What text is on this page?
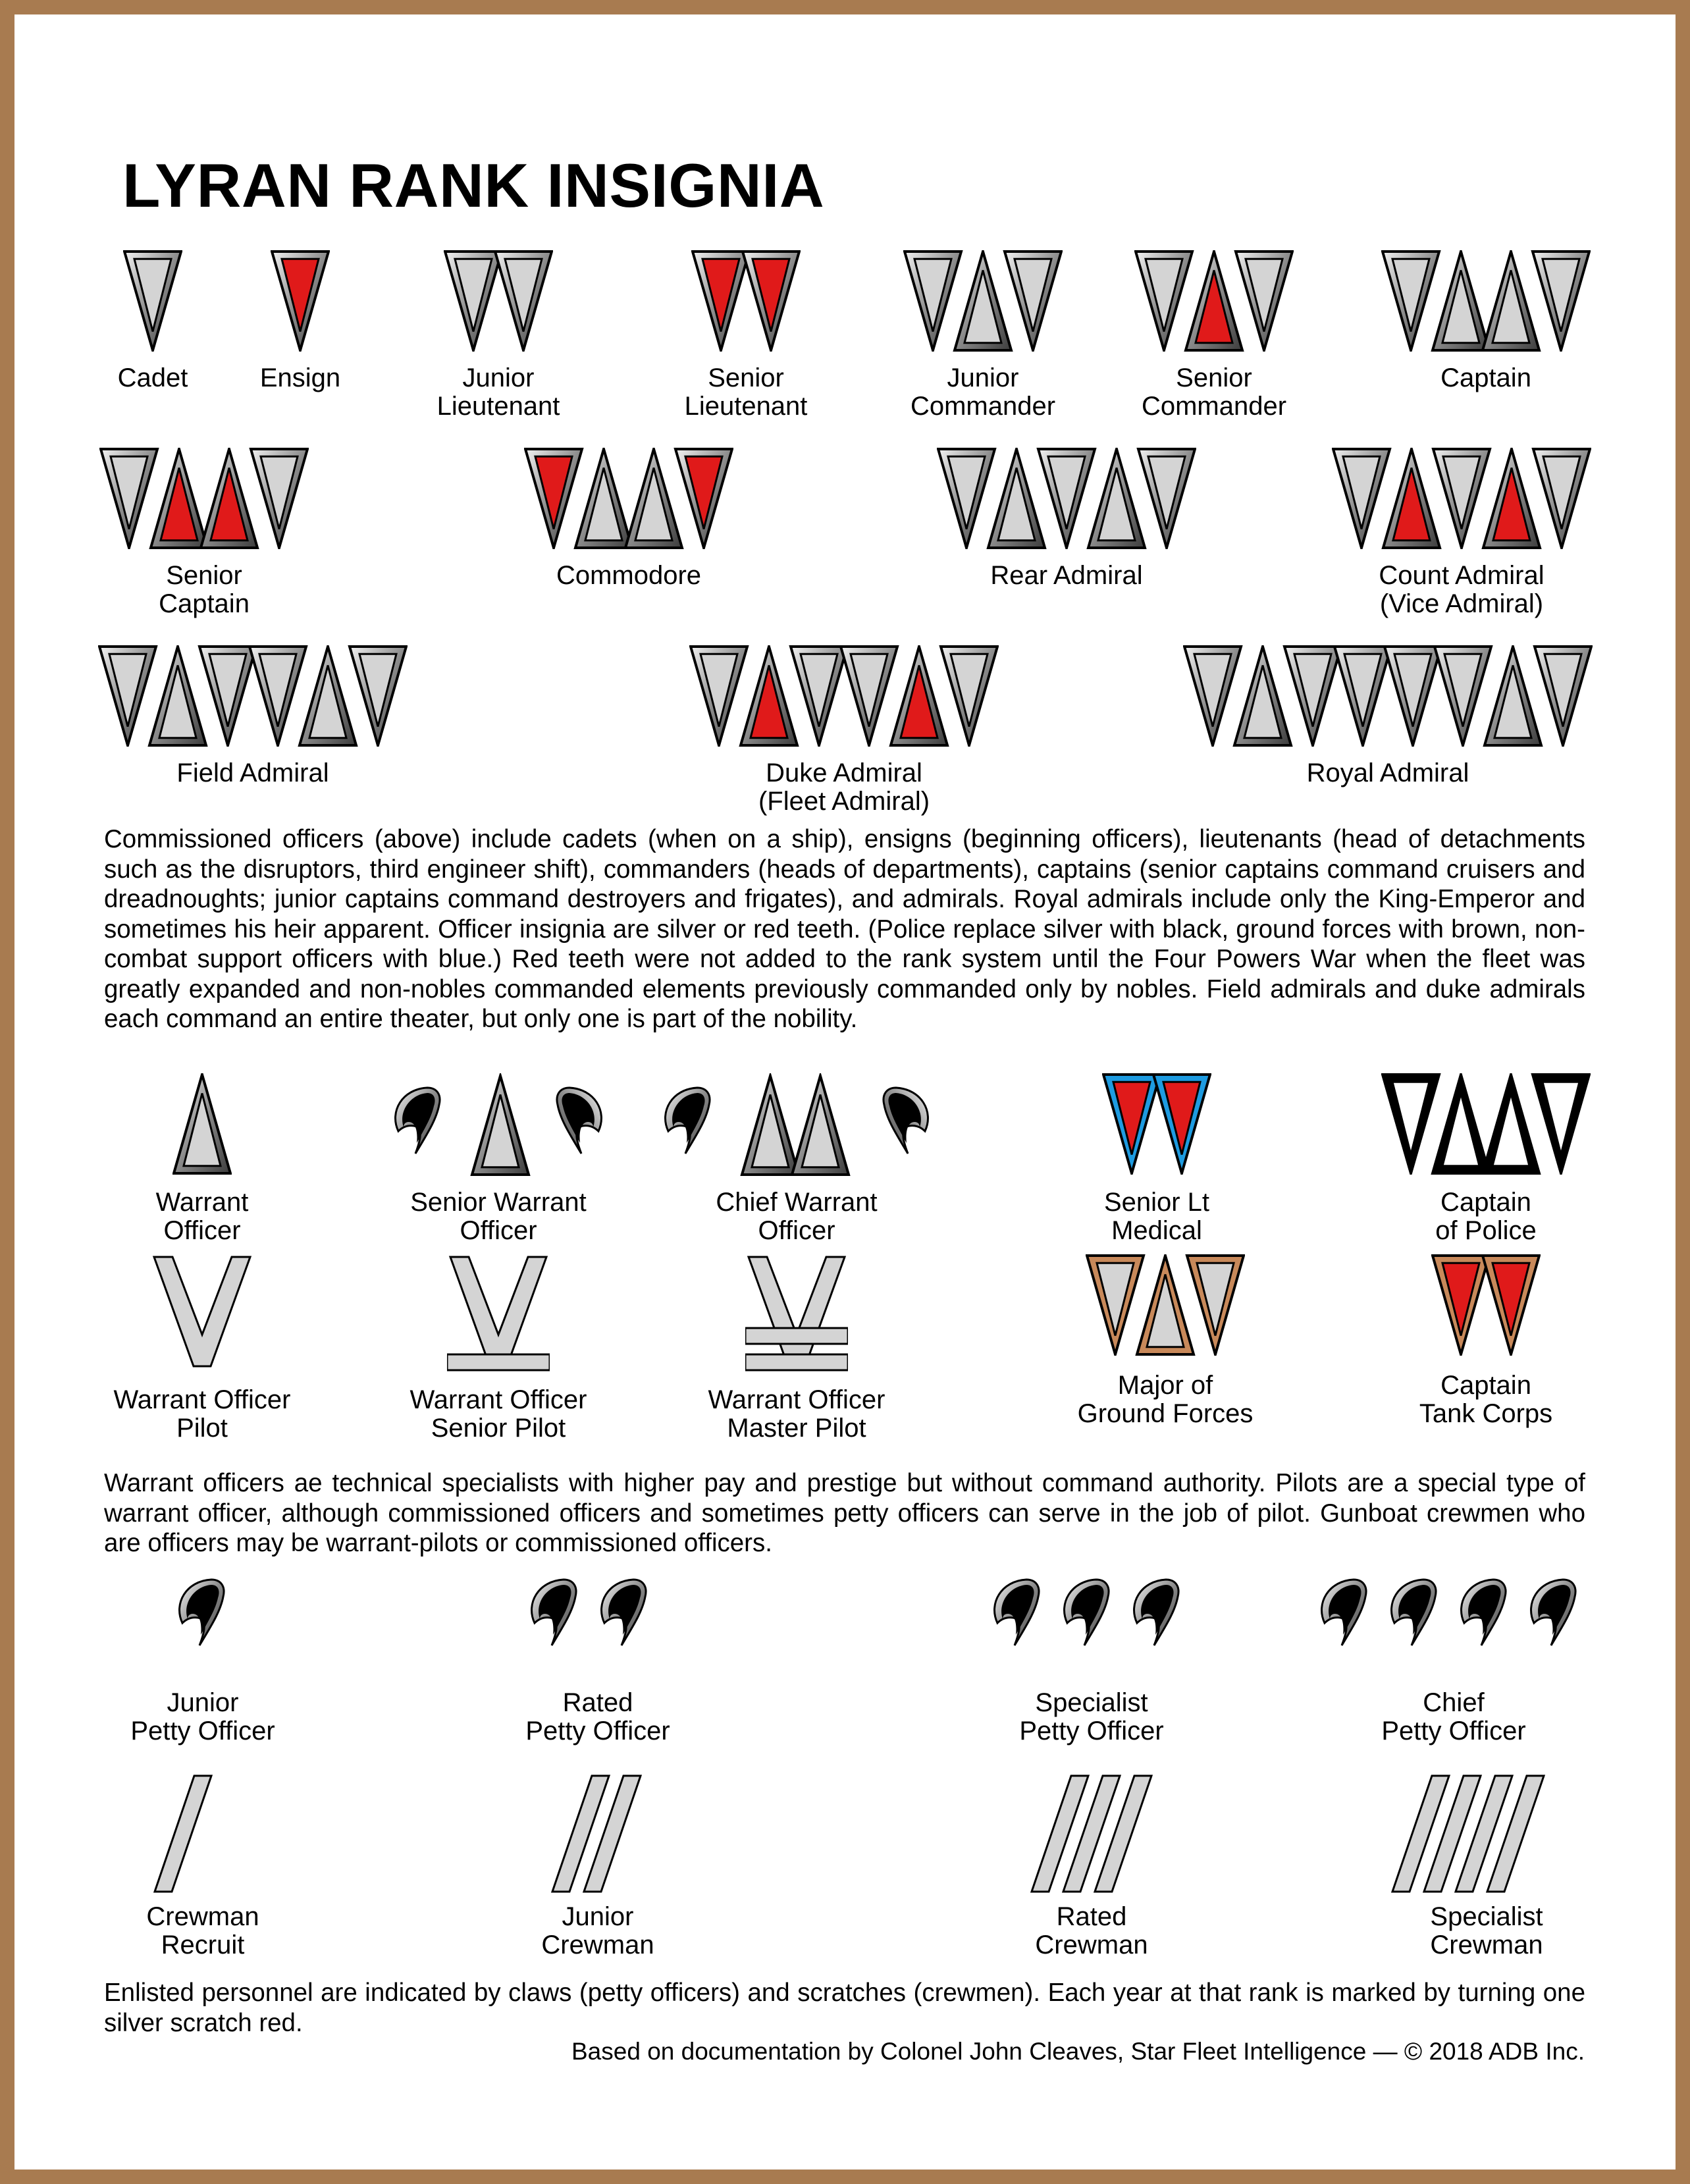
LYRAN RANK INSIGNIA
Cadet	Ensign	Junior
Lieutenant
Senior
Lieutenant
Junior
Commander
Senior
Commander
Captain
Senior
Captain
Commodore	Rear Admiral	Count Admiral
(Vice Admiral)
Field Admiral	Duke Admiral
(Fleet Admiral)
Royal Admiral
Warrant
Officer
Senior Warrant
Officer
Chief Warrant
Officer
Senior Lt
Medical
Captain
of Police
Warrant Officer
Pilot
Warrant Officer
Senior Pilot
Warrant Officer
Master Pilot
Major of
Ground Forces
Captain
Tank Corps
Junior
Petty Officer
Rated
Petty Officer
Specialist
Petty Officer
Chief
Petty Officer
Crewman
Recruit
Junior
Crewman
Rated
Crewman
Specialist
Crewman
Commissioned officers (above) include cadets (when on a ship), ensigns (beginning officers), lieutenants (head of detachments such as the disruptors, third engineer shift), commanders (heads of departments), captains (senior captains command cruisers and dreadnoughts; junior captains command destroyers and frigates), and admirals. Royal admirals include only the King-Emperor and sometimes his heir apparent. Officer insignia are silver or red teeth. (Police replace silver with black, ground forces with brown, non-combat support officers with blue.) Red teeth were not added to the rank system until the Four Powers War when the fleet was greatly expanded and non-nobles commanded elements previously commanded only by nobles. Field admirals and duke admirals each command an entire theater, but only one is part of the nobility.
Warrant officers ae technical specialists with higher pay and prestige but without command authority. Pilots are a special type of warrant officer, although commissioned officers and sometimes petty officers can serve in the job of pilot. Gunboat crewmen who are officers may be warrant-pilots or commissioned officers.
Enlisted personnel are indicated by claws (petty officers) and scratches (crewmen). Each year at that rank is marked by turning one silver scratch red.
Based on documentation by Colonel John Cleaves, Star Fleet Intelligence — © 2018 ADB Inc.
